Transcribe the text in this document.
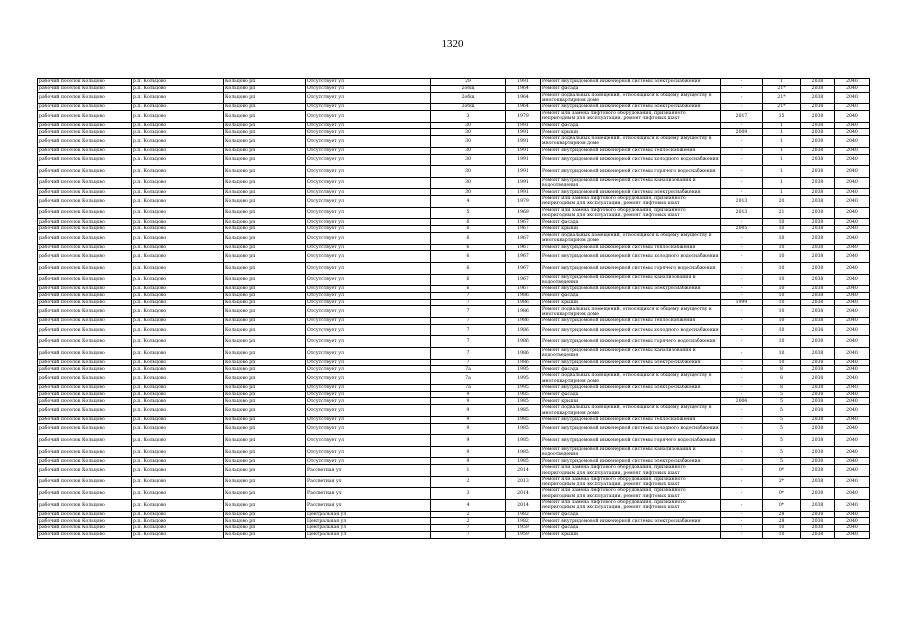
1320
рабочий поселок Кольцово	р.п. Кольцово	Кольцово рп	Отсутствует ул	29	1991	Ремонт внутридомовой инженерной системы электроснабжения	-	1	2038	2040
рабочий поселок Кольцово	р.п. Кольцово	Кольцово рп	Отсутствует ул	2общ	1964	Ремонт фасада	-	21*	2038	2040
рабочий поселок Кольцово	р.п. Кольцово	Кольцово рп	Отсутствует ул	2общ	1964	Ремонт подвальных помещений, относящихся к общему имуществу в многоквартирном доме	-	21*	2038	2040
рабочий поселок Кольцово	р.п. Кольцово	Кольцово рп	Отсутствует ул	2общ	1964	Ремонт внутридомовой инженерной системы электроснабжения	-	21*	2038	2040
рабочий поселок Кольцово	р.п. Кольцово	Кольцово рп	Отсутствует ул	3	1979	Ремонт или замена лифтового оборудования, признанного непригодным для эксплуатации, ремонт лифтовых шахт	2017	15	2038	2040
рабочий поселок Кольцово	р.п. Кольцово	Кольцово рп	Отсутствует ул	30	1991	Ремонт фасада	-	1	2038	2040
рабочий поселок Кольцово	р.п. Кольцово	Кольцово рп	Отсутствует ул	30	1991	Ремонт крыши	2009	1	2038	2040
рабочий поселок Кольцово	р.п. Кольцово	Кольцово рп	Отсутствует ул	30	1991	Ремонт подвальных помещений, относящихся к общему имуществу в многоквартирном доме	-	1	2038	2040
рабочий поселок Кольцово	р.п. Кольцово	Кольцово рп	Отсутствует ул	30	1991	Ремонт внутридомовой инженерной системы теплоснабжения	-	1	2038	2040
рабочий поселок Кольцово	р.п. Кольцово	Кольцово рп	Отсутствует ул	30	1991	Ремонт внутридомовой инженерной системы холодного водоснабжения	-	1	2038	2040
рабочий поселок Кольцово	р.п. Кольцово	Кольцово рп	Отсутствует ул	30	1991	Ремонт внутридомовой инженерной системы горячего водоснабжения	-	1	2038	2040
рабочий поселок Кольцово	р.п. Кольцово	Кольцово рп	Отсутствует ул	30	1991	Ремонт внутридомовой инженерной системы канализования и водоотведения	-	1	2038	2040
рабочий поселок Кольцово	р.п. Кольцово	Кольцово рп	Отсутствует ул	30	1991	Ремонт внутридомовой инженерной системы электроснабжения	-	1	2038	2040
рабочий поселок Кольцово	р.п. Кольцово	Кольцово рп	Отсутствует ул	4	1979	Ремонт или замена лифтового оборудования, признанного непригодным для эксплуатации, ремонт лифтовых шахт	2013	20	2038	2040
рабочий поселок Кольцово	р.п. Кольцово	Кольцово рп	Отсутствует ул	5	1969	Ремонт или замена лифтового оборудования, признанного непригодным для эксплуатации, ремонт лифтовых шахт	2013	21	2038	2040
рабочий поселок Кольцово	р.п. Кольцово	Кольцово рп	Отсутствует ул	6	1967	Ремонт фасада	-	10	2038	2040
рабочий поселок Кольцово	р.п. Кольцово	Кольцово рп	Отсутствует ул	6	1967	Ремонт крыши	2005	10	2038	2040
рабочий поселок Кольцово	р.п. Кольцово	Кольцово рп	Отсутствует ул	6	1967	Ремонт подвальных помещений, относящихся к общему имуществу в многоквартирном доме	-	10	2038	2040
рабочий поселок Кольцово	р.п. Кольцово	Кольцово рп	Отсутствует ул	6	1967	Ремонт внутридомовой инженерной системы теплоснабжения	-	10	2038	2040
рабочий поселок Кольцово	р.п. Кольцово	Кольцово рп	Отсутствует ул	6	1967	Ремонт внутридомовой инженерной системы холодного водоснабжения	-	10	2038	2040
рабочий поселок Кольцово	р.п. Кольцово	Кольцово рп	Отсутствует ул	6	1967	Ремонт внутридомовой инженерной системы горячего водоснабжения	-	10	2038	2040
рабочий поселок Кольцово	р.п. Кольцово	Кольцово рп	Отсутствует ул	6	1967	Ремонт внутридомовой инженерной системы канализования и водоотведения	-	10	2038	2040
рабочий поселок Кольцово	р.п. Кольцово	Кольцово рп	Отсутствует ул	6	1967	Ремонт внутридомовой инженерной системы электроснабжения	-	10	2038	2040
рабочий поселок Кольцово	р.п. Кольцово	Кольцово рп	Отсутствует ул	7	1986	Ремонт фасада	-	10	2038	2040
рабочий поселок Кольцово	р.п. Кольцово	Кольцово рп	Отсутствует ул	7	1986	Ремонт крыши	1999	10	2038	2040
рабочий поселок Кольцово	р.п. Кольцово	Кольцово рп	Отсутствует ул	7	1986	Ремонт подвальных помещений, относящихся к общему имуществу в многоквартирном доме	-	10	2038	2040
рабочий поселок Кольцово	р.п. Кольцово	Кольцово рп	Отсутствует ул	7	1986	Ремонт внутридомовой инженерной системы теплоснабжения	-	10	2038	2040
рабочий поселок Кольцово	р.п. Кольцово	Кольцово рп	Отсутствует ул	7	1986	Ремонт внутридомовой инженерной системы холодного водоснабжения	-	10	2038	2040
рабочий поселок Кольцово	р.п. Кольцово	Кольцово рп	Отсутствует ул	7	1986	Ремонт внутридомовой инженерной системы горячего водоснабжения	-	10	2038	2040
рабочий поселок Кольцово	р.п. Кольцово	Кольцово рп	Отсутствует ул	7	1986	Ремонт внутридомовой инженерной системы канализования и водоотведения	-	10	2038	2040
рабочий поселок Кольцово	р.п. Кольцово	Кольцово рп	Отсутствует ул	7	1986	Ремонт внутридомовой инженерной системы электроснабжения	-	10	2038	2040
рабочий поселок Кольцово	р.п. Кольцово	Кольцово рп	Отсутствует ул	7а	1995	Ремонт фасада	-	8	2038	2040
рабочий поселок Кольцово	р.п. Кольцово	Кольцово рп	Отсутствует ул	7а	1995	Ремонт подвальных помещений, относящихся к общему имуществу в многоквартирном доме	-	8	2038	2040
рабочий поселок Кольцово	р.п. Кольцово	Кольцово рп	Отсутствует ул	7а	1995	Ремонт внутридомовой инженерной системы электроснабжения	-	8	2038	2040
рабочий поселок Кольцово	р.п. Кольцово	Кольцово рп	Отсутствует ул	9	1985	Ремонт фасада	-	5	2038	2040
рабочий поселок Кольцово	р.п. Кольцово	Кольцово рп	Отсутствует ул	9	1985	Ремонт крыши	2006	5	2038	2040
рабочий поселок Кольцово	р.п. Кольцово	Кольцово рп	Отсутствует ул	9	1985	Ремонт подвальных помещений, относящихся к общему имуществу в многоквартирном доме	-	5	2038	2040
рабочий поселок Кольцово	р.п. Кольцово	Кольцово рп	Отсутствует ул	9	1985	Ремонт внутридомовой инженерной системы теплоснабжения	-	5	2038	2040
рабочий поселок Кольцово	р.п. Кольцово	Кольцово рп	Отсутствует ул	9	1985	Ремонт внутридомовой инженерной системы холодного водоснабжения	-	5	2038	2040
рабочий поселок Кольцово	р.п. Кольцово	Кольцово рп	Отсутствует ул	9	1985	Ремонт внутридомовой инженерной системы горячего водоснабжения	-	5	2038	2040
рабочий поселок Кольцово	р.п. Кольцово	Кольцово рп	Отсутствует ул	9	1985	Ремонт внутридомовой инженерной системы канализования и водоотведения	-	5	2038	2040
рабочий поселок Кольцово	р.п. Кольцово	Кольцово рп	Отсутствует ул	9	1985	Ремонт внутридомовой инженерной системы электроснабжения	-	5	2038	2040
рабочий поселок Кольцово	р.п. Кольцово	Кольцово рп	Рассветная ул	1	2014	Ремонт или замена лифтового оборудования, признанного непригодным для эксплуатации, ремонт лифтовых шахт	-	0*	2038	2040
рабочий поселок Кольцово	р.п. Кольцово	Кольцово рп	Рассветная ул	2	2013	Ремонт или замена лифтового оборудования, признанного непригодным для эксплуатации, ремонт лифтовых шахт	-	2*	2038	2040
рабочий поселок Кольцово	р.п. Кольцово	Кольцово рп	Рассветная ул	3	2014	Ремонт или замена лифтового оборудования, признанного непригодным для эксплуатации, ремонт лифтовых шахт	-	0*	2038	2040
рабочий поселок Кольцово	р.п. Кольцово	Кольцово рп	Рассветная ул	4	2014	Ремонт или замена лифтового оборудования, признанного непригодным для эксплуатации, ремонт лифтовых шахт	-	0*	2038	2040
рабочий поселок Кольцово	р.п. Кольцово	Кольцово рп	Центральная ул	2	1982	Ремонт фасада	-	28	2038	2040
рабочий поселок Кольцово	р.п. Кольцово	Кольцово рп	Центральная ул	2	1982	Ремонт внутридомовой инженерной системы электроснабжения	-	28	2038	2040
рабочий поселок Кольцово	р.п. Кольцово	Кольцово рп	Центральная ул	7	1959	Ремонт фасада	-	10	2038	2040
рабочий поселок Кольцово	р.п. Кольцово	Кольцово рп	Центральная ул	7	1959	Ремонт крыши	-	10	2038	2040
